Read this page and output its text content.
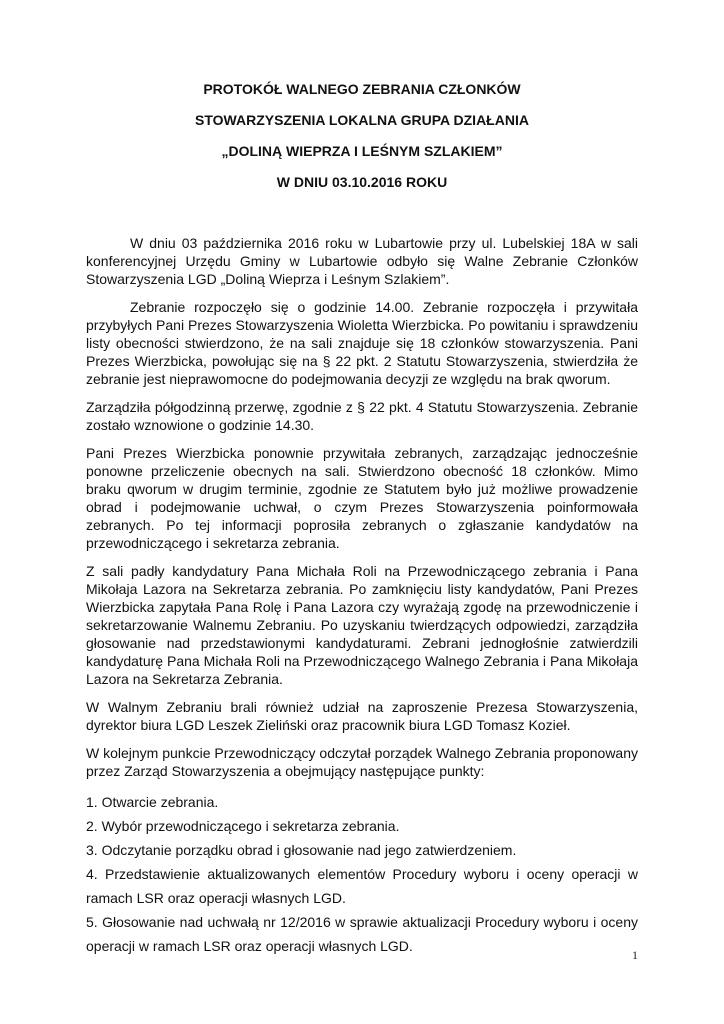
PROTOKÓŁ WALNEGO ZEBRANIA CZŁONKÓW
STOWARZYSZENIA LOKALNA GRUPA DZIAŁANIA
„DOLINĄ WIEPRZA I LEŚNYM SZLAKIEM”
W DNIU 03.10.2016 ROKU

W dniu 03 października 2016 roku w Lubartowie przy ul. Lubelskiej 18A w sali konferencyjnej Urzędu Gminy w Lubartowie odbyło się Walne Zebranie Członków Stowarzyszenia LGD „Doliną Wieprza i Leśnym Szlakiem”.

Zebranie rozpoczęło się o godzinie 14.00. Zebranie rozpoczęła i przywitała przybyłych Pani Prezes Stowarzyszenia Wioletta Wierzbicka. Po powitaniu i sprawdzeniu listy obecności stwierdzono, że na sali znajduje się 18 członków stowarzyszenia. Pani Prezes Wierzbicka, powołując się na § 22 pkt. 2 Statutu Stowarzyszenia, stwierdziła że zebranie jest nieprawomocne do podejmowania decyzji ze względu na brak qworum.

Zarządziła półgodzinną przerwę, zgodnie z § 22 pkt. 4 Statutu Stowarzyszenia. Zebranie zostało wznowione o godzinie 14.30.

Pani Prezes Wierzbicka ponownie przywitała zebranych, zarządzając jednocześnie ponowne przeliczenie obecnych na sali. Stwierdzono obecność 18 członków. Mimo braku qworum w drugim terminie, zgodnie ze Statutem było już możliwe prowadzenie obrad i podejmowanie uchwał, o czym Prezes Stowarzyszenia poinformowała zebranych. Po tej informacji poprosiła zebranych o zgłaszanie kandydatów na przewodniczącego i sekretarza zebrania.

Z sali padły kandydatury Pana Michała Roli na Przewodniczącego zebrania i Pana Mikołaja Lazora na Sekretarza zebrania. Po zamknięciu listy kandydatów, Pani Prezes Wierzbicka zapytała Pana Rolę i Pana Lazora czy wyrażają zgodę na przewodniczenie i sekretarzowanie Walnemu Zebraniu. Po uzyskaniu twierdzących odpowiedzi, zarządziła głosowanie nad przedstawionymi kandydaturami. Zebrani jednogłośnie zatwierdzili kandydaturę Pana Michała Roli na Przewodniczącego Walnego Zebrania i Pana Mikołaja Lazora na Sekretarza Zebrania.

W Walnym Zebraniu brali również udział na zaproszenie Prezesa Stowarzyszenia, dyrektor biura LGD Leszek Zieliński oraz pracownik biura LGD Tomasz Kozieł.

W kolejnym punkcie Przewodniczący odczytał porządek Walnego Zebrania proponowany przez Zarząd Stowarzyszenia a obejmujący następujące punkty:

1. Otwarcie zebrania.

2. Wybór przewodniczącego i sekretarza zebrania.

3. Odczytanie porządku obrad i głosowanie nad jego zatwierdzeniem.

4. Przedstawienie aktualizowanych elementów Procedury wyboru i oceny operacji w ramach LSR oraz operacji własnych LGD.

5. Głosowanie nad uchwałą nr 12/2016 w sprawie aktualizacji Procedury wyboru i oceny operacji w ramach LSR oraz operacji własnych LGD.

1
